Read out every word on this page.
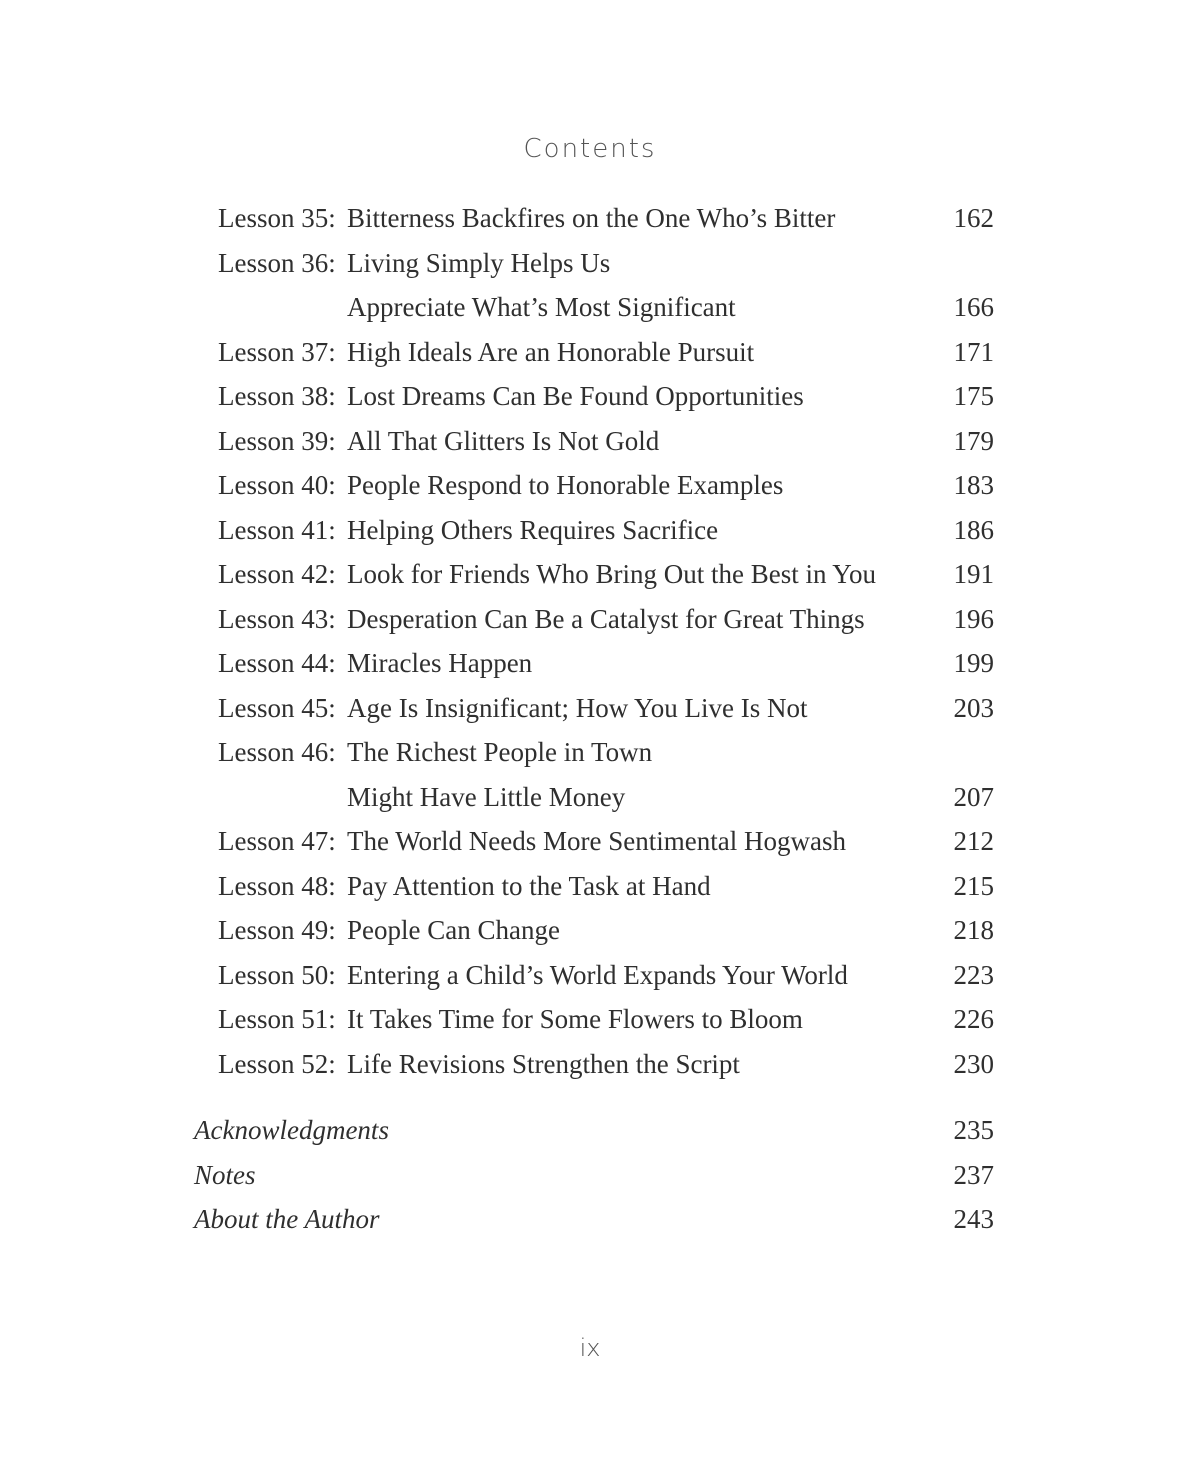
Contents
Lesson 35: Bitterness Backfires on the One Who’s Bitter	162
Lesson 36: Living Simply Helps Us
Appreciate What’s Most Significant	166
Lesson 37: High Ideals Are an Honorable Pursuit	171
Lesson 38: Lost Dreams Can Be Found Opportunities	175
Lesson 39: All That Glitters Is Not Gold	179
Lesson 40: People Respond to Honorable Examples	183
Lesson 41: Helping Others Requires Sacrifice	186
Lesson 42: Look for Friends Who Bring Out the Best in You	191
Lesson 43: Desperation Can Be a Catalyst for Great Things	196
Lesson 44: Miracles Happen	199
Lesson 45: Age Is Insignificant; How You Live Is Not	203
Lesson 46: The Richest People in Town
Might Have Little Money	207
Lesson 47: The World Needs More Sentimental Hogwash	212
Lesson 48: Pay Attention to the Task at Hand	215
Lesson 49: People Can Change	218
Lesson 50: Entering a Child’s World Expands Your World	223
Lesson 51: It Takes Time for Some Flowers to Bloom	226
Lesson 52: Life Revisions Strengthen the Script	230
Acknowledgments	235
Notes	237
About the Author	243
ix
